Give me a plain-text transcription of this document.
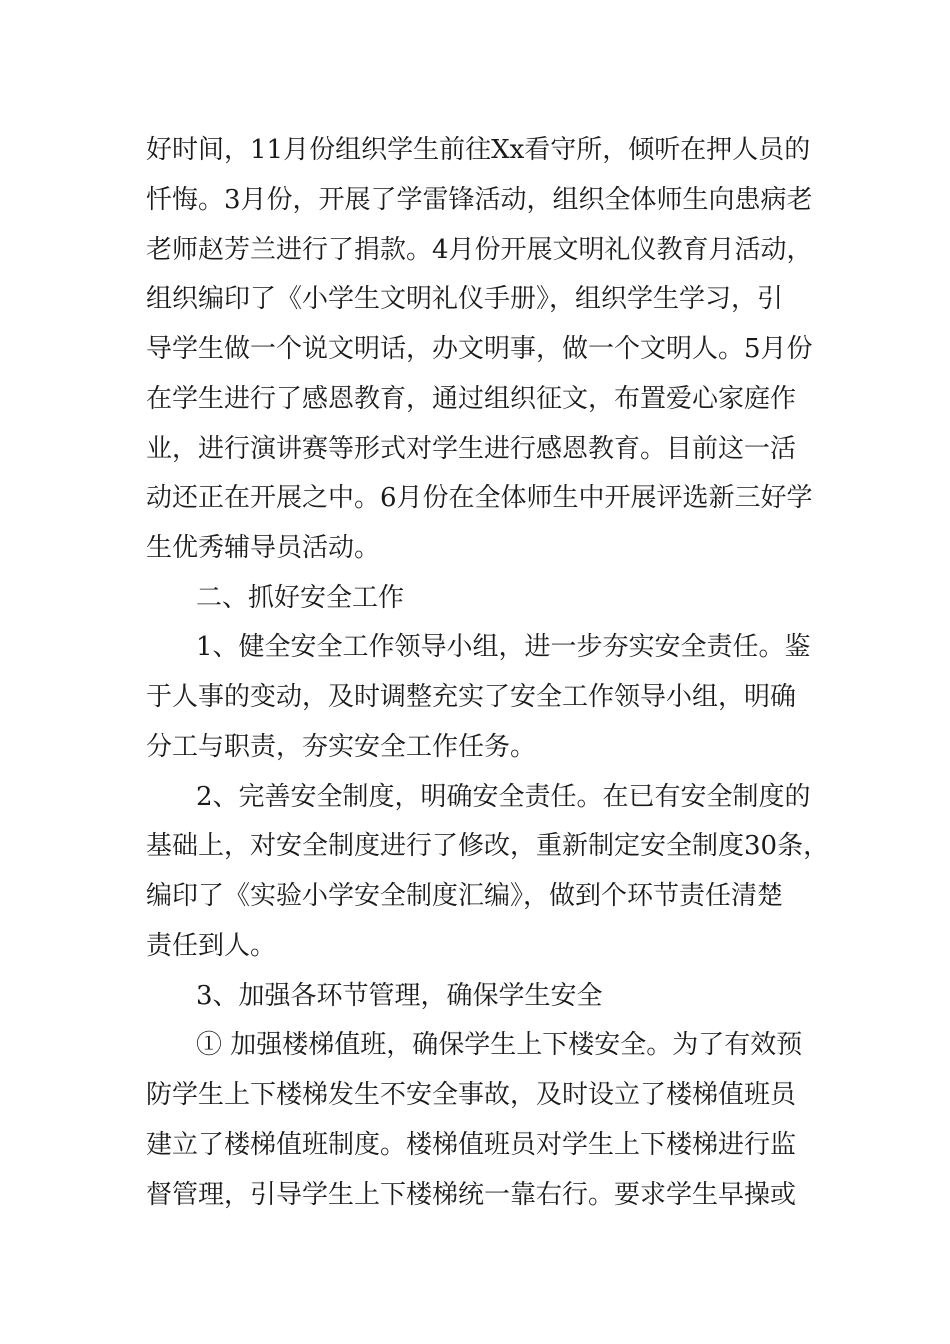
好时间，11月份组织学生前往Xx看守所，倾听在押人员的
忏悔。3月份，开展了学雷锋活动，组织全体师生向患病老
老师赵芳兰进行了捐款。4月份开展文明礼仪教育月活动，
组织编印了《小学生文明礼仪手册》，组织学生学习，引
导学生做一个说文明话，办文明事，做一个文明人。5月份
在学生进行了感恩教育，通过组织征文，布置爱心家庭作
业，进行演讲赛等形式对学生进行感恩教育。目前这一活
动还正在开展之中。6月份在全体师生中开展评选新三好学
生优秀辅导员活动。
二、抓好安全工作
1、健全安全工作领导小组，进一步夯实安全责任。鉴
于人事的变动，及时调整充实了安全工作领导小组，明确
分工与职责，夯实安全工作任务。
2、完善安全制度，明确安全责任。在已有安全制度的
基础上，对安全制度进行了修改，重新制定安全制度30条，
编印了《实验小学安全制度汇编》，做到个环节责任清楚
责任到人。
3、加强各环节管理，确保学生安全
① 加强楼梯值班，确保学生上下楼安全。为了有效预
防学生上下楼梯发生不安全事故，及时设立了楼梯值班员
建立了楼梯值班制度。楼梯值班员对学生上下楼梯进行监
督管理，引导学生上下楼梯统一靠右行。要求学生早操或
